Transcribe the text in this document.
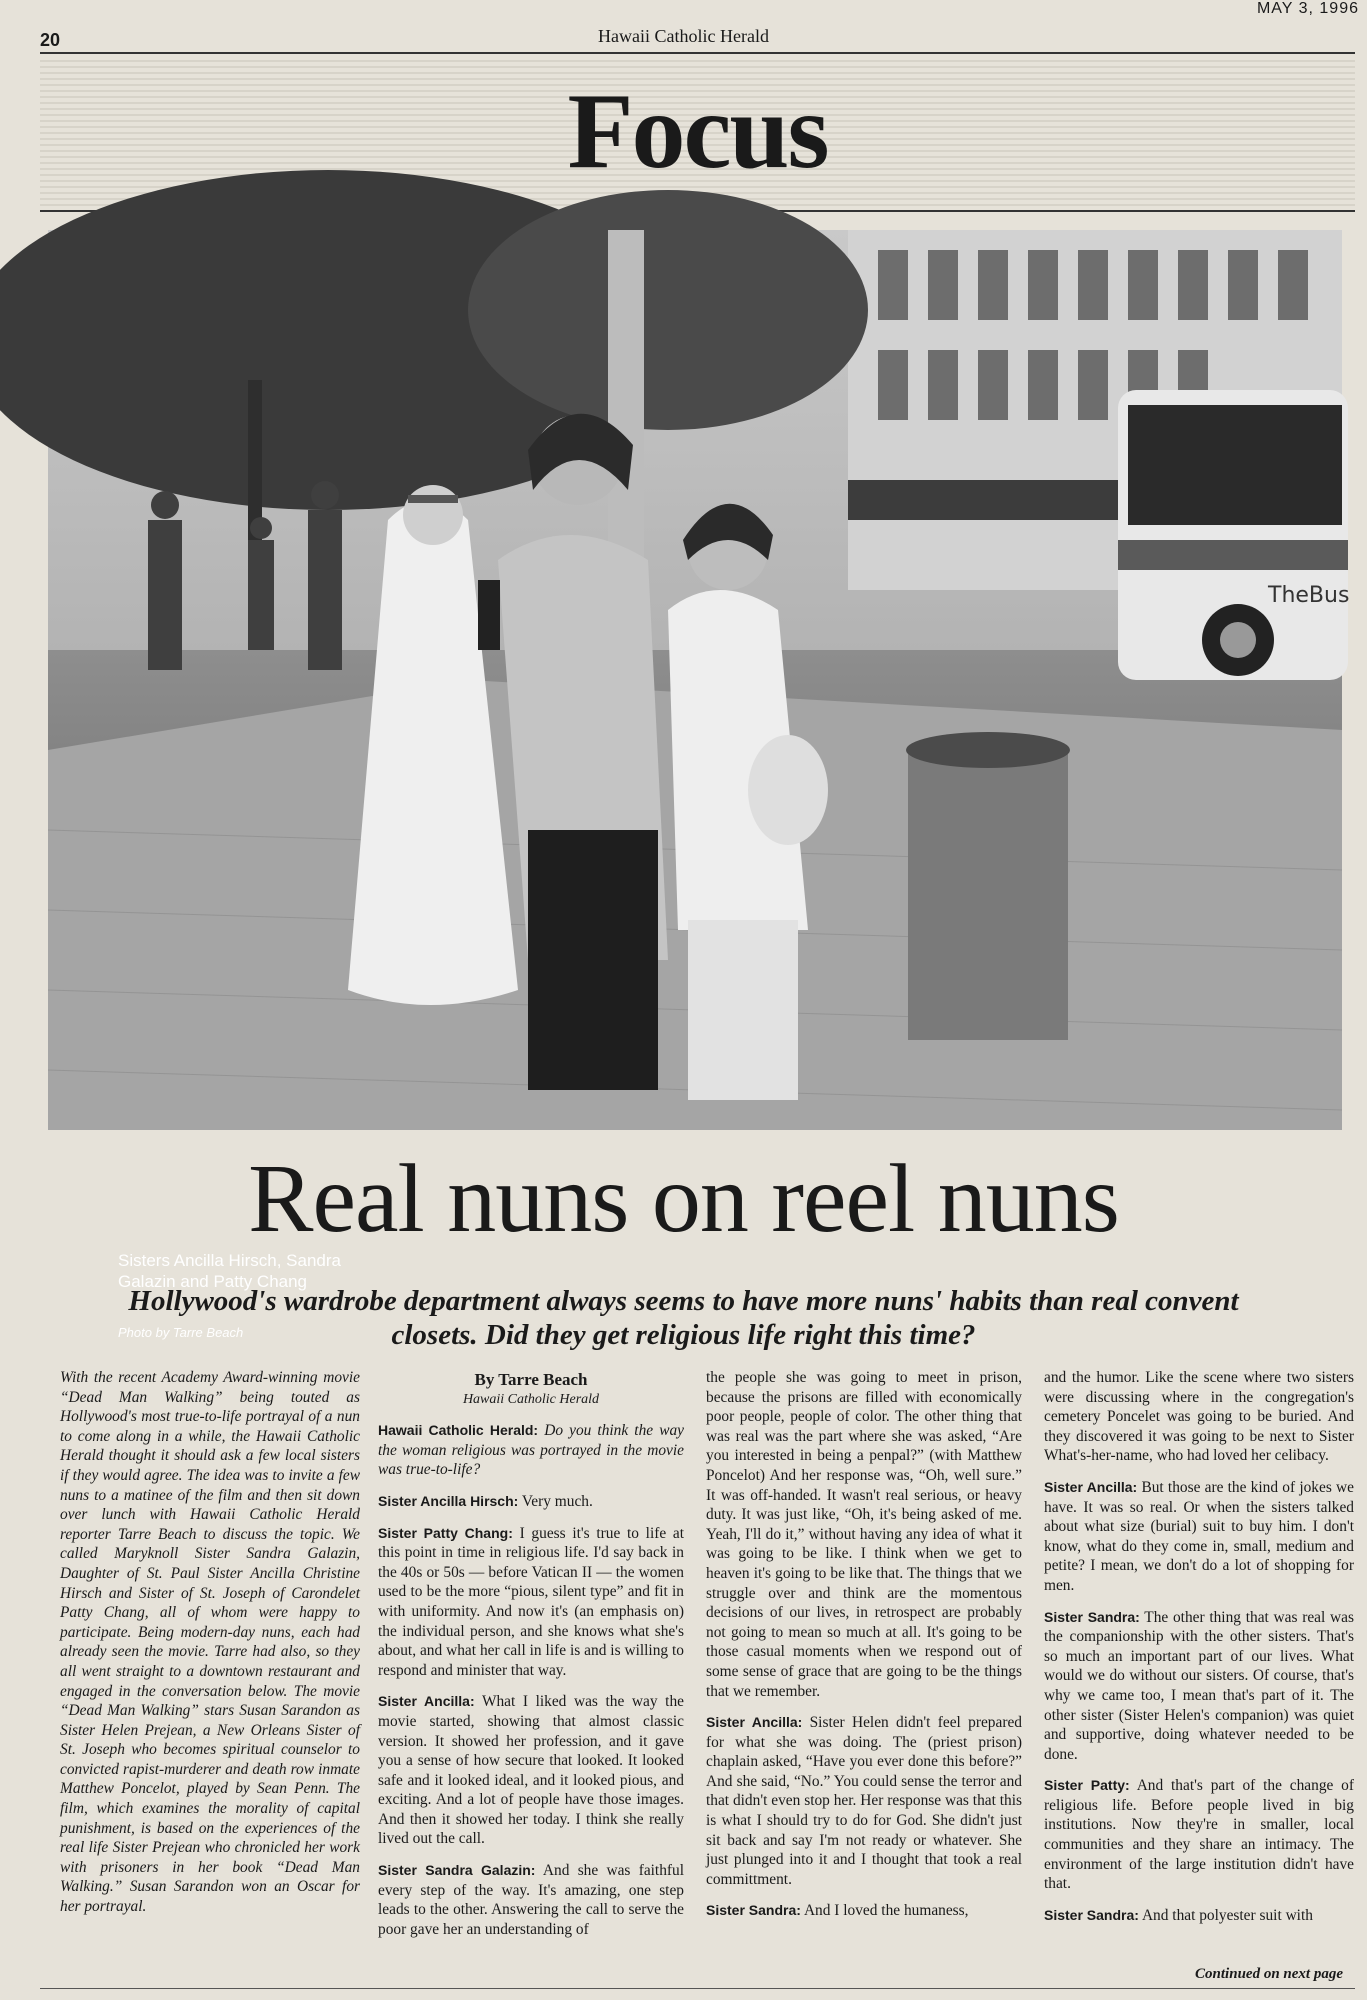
20	Hawaii Catholic Herald
MAY 3, 1996
Focus
TheBus
Sisters Ancilla Hirsch, Sandra Galazin and Patty Chang
Photo by Tarre Beach
Real nuns on reel nuns
Hollywood's wardrobe department always seems to have more nuns' habits than real convent closets. Did they get religious life right this time?

With the recent Academy Award-winning movie “Dead Man Walking” being touted as Hollywood's most true-to-life portrayal of a nun to come along in a while, the Hawaii Catholic Herald thought it should ask a few local sisters if they would agree. The idea was to invite a few nuns to a matinee of the film and then sit down over lunch with Hawaii Catholic Herald reporter Tarre Beach to discuss the topic. We called Maryknoll Sister Sandra Galazin, Daughter of St. Paul Sister Ancilla Christine Hirsch and Sister of St. Joseph of Carondelet Patty Chang, all of whom were happy to participate. Being modern-day nuns, each had already seen the movie. Tarre had also, so they all went straight to a downtown restaurant and engaged in the conversation below. The movie “Dead Man Walking” stars Susan Sarandon as Sister Helen Prejean, a New Orleans Sister of St. Joseph who becomes spiritual counselor to convicted rapist-murderer and death row inmate Matthew Poncelot, played by Sean Penn. The film, which examines the morality of capital punishment, is based on the experiences of the real life Sister Prejean who chronicled her work with prisoners in her book “Dead Man Walking.” Susan Sarandon won an Oscar for her portrayal.

By Tarre Beach
Hawaii Catholic Herald

Hawaii Catholic Herald: Do you think the way the woman religious was portrayed in the movie was true-to-life?

Sister Ancilla Hirsch: Very much.

Sister Patty Chang: I guess it's true to life at this point in time in religious life. I'd say back in the 40s or 50s — before Vatican II — the women used to be the more “pious, silent type” and fit in with uniformity. And now it's (an emphasis on) the individual person, and she knows what she's about, and what her call in life is and is willing to respond and minister that way.

Sister Ancilla: What I liked was the way the movie started, showing that almost classic version. It showed her profession, and it gave you a sense of how secure that looked. It looked safe and it looked ideal, and it looked pious, and exciting. And a lot of people have those images. And then it showed her today. I think she really lived out the call.

Sister Sandra Galazin: And she was faithful every step of the way. It's amazing, one step leads to the other. Answering the call to serve the poor gave her an understanding of

the people she was going to meet in prison, because the prisons are filled with economically poor people, people of color. The other thing that was real was the part where she was asked, “Are you interested in being a penpal?” (with Matthew Poncelot) And her response was, “Oh, well sure.” It was off-handed. It wasn't real serious, or heavy duty. It was just like, “Oh, it's being asked of me. Yeah, I'll do it,” without having any idea of what it was going to be like. I think when we get to heaven it's going to be like that. The things that we struggle over and think are the momentous decisions of our lives, in retrospect are probably not going to mean so much at all. It's going to be those casual moments when we respond out of some sense of grace that are going to be the things that we remember.

Sister Ancilla: Sister Helen didn't feel prepared for what she was doing. The (priest prison) chaplain asked, “Have you ever done this before?” And she said, “No.” You could sense the terror and that didn't even stop her. Her response was that this is what I should try to do for God. She didn't just sit back and say I'm not ready or whatever. She just plunged into it and I thought that took a real committment.

Sister Sandra: And I loved the humaness,

and the humor. Like the scene where two sisters were discussing where in the congregation's cemetery Poncelet was going to be buried. And they discovered it was going to be next to Sister What's-her-name, who had loved her celibacy.

Sister Ancilla: But those are the kind of jokes we have. It was so real. Or when the sisters talked about what size (burial) suit to buy him. I don't know, what do they come in, small, medium and petite? I mean, we don't do a lot of shopping for men.

Sister Sandra: The other thing that was real was the companionship with the other sisters. That's so much an important part of our lives. What would we do without our sisters. Of course, that's why we came too, I mean that's part of it. The other sister (Sister Helen's companion) was quiet and supportive, doing whatever needed to be done.

Sister Patty: And that's part of the change of religious life. Before people lived in big institutions. Now they're in smaller, local communities and they share an intimacy. The environment of the large institution didn't have that.

Sister Sandra: And that polyester suit with

Continued on next page
